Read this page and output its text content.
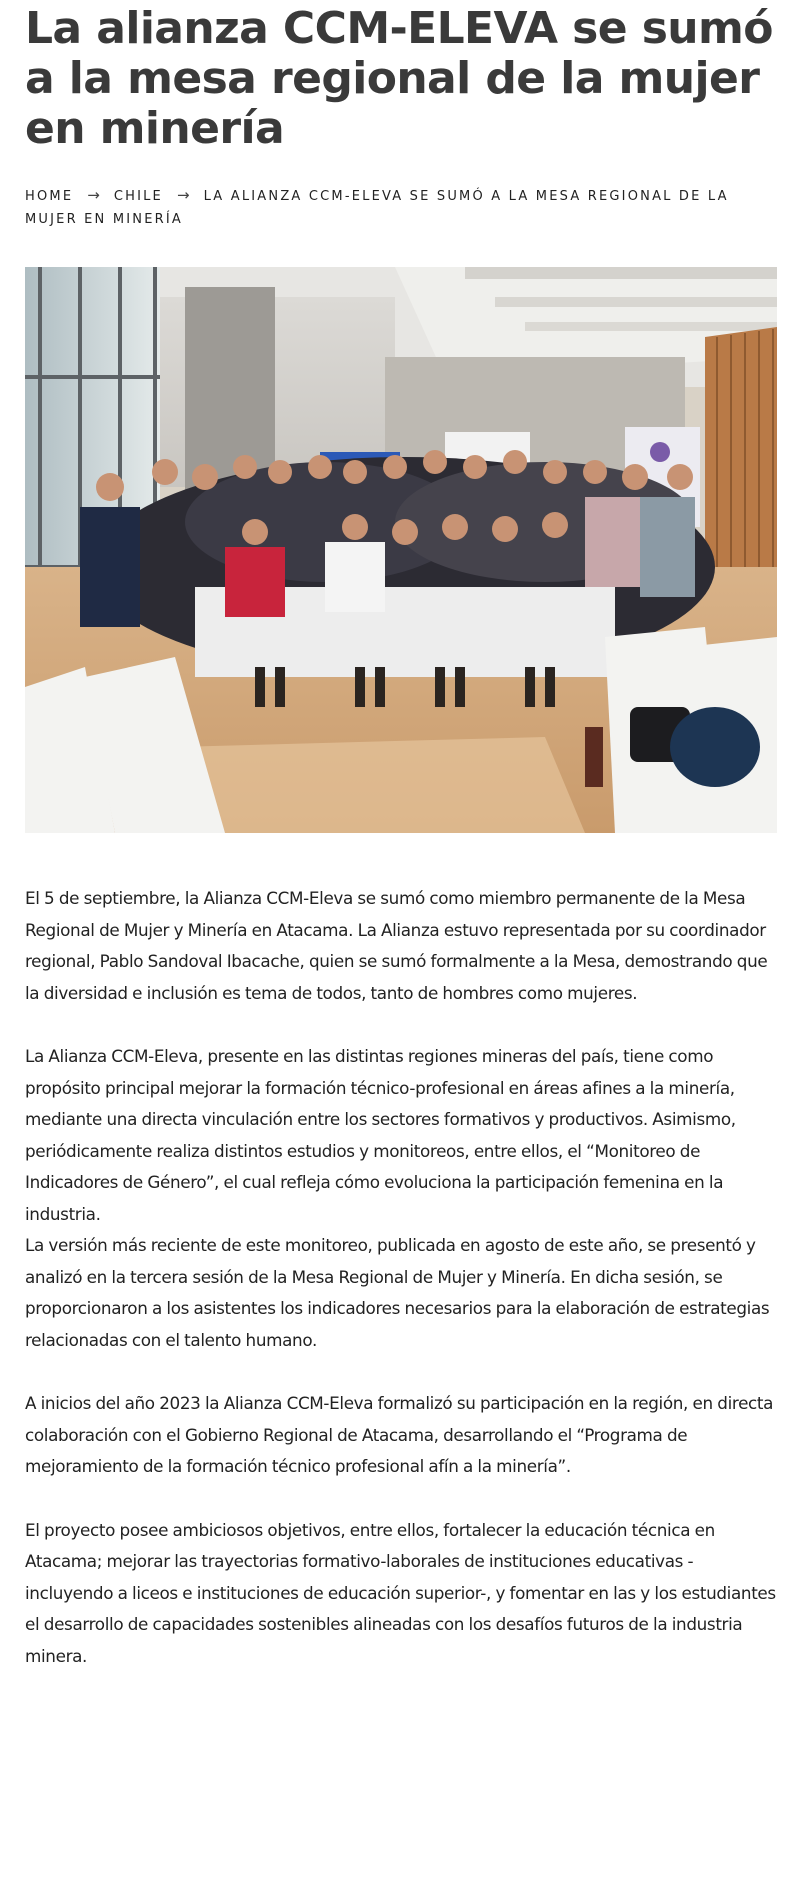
La alianza CCM-ELEVA se sumó a la mesa regional de la mujer en minería
HOME → CHILE → LA ALIANZA CCM-ELEVA SE SUMÓ A LA MESA REGIONAL DE LA MUJER EN MINERÍA

El 5 de septiembre, la Alianza CCM-Eleva se sumó como miembro permanente de la Mesa Regional de Mujer y Minería en Atacama. La Alianza estuvo representada por su coordinador regional, Pablo Sandoval Ibacache, quien se sumó formalmente a la Mesa, demostrando que la diversidad e inclusión es tema de todos, tanto de hombres como mujeres.

La Alianza CCM-Eleva, presente en las distintas regiones mineras del país, tiene como propósito principal mejorar la formación técnico-profesional en áreas afines a la minería, mediante una directa vinculación entre los sectores formativos y productivos. Asimismo, periódicamente realiza distintos estudios y monitoreos, entre ellos, el “Monitoreo de Indicadores de Género”, el cual refleja cómo evoluciona la participación femenina en la industria.

La versión más reciente de este monitoreo, publicada en agosto de este año, se presentó y analizó en la tercera sesión de la Mesa Regional de Mujer y Minería. En dicha sesión, se proporcionaron a los asistentes los indicadores necesarios para la elaboración de estrategias relacionadas con el talento humano.

A inicios del año 2023 la Alianza CCM-Eleva formalizó su participación en la región, en directa colaboración con el Gobierno Regional de Atacama, desarrollando el “Programa de mejoramiento de la formación técnico profesional afín a la minería”.

El proyecto posee ambiciosos objetivos, entre ellos, fortalecer la educación técnica en Atacama; mejorar las trayectorias formativo-laborales de instituciones educativas - incluyendo a liceos e instituciones de educación superior-, y fomentar en las y los estudiantes el desarrollo de capacidades sostenibles alineadas con los desafíos futuros de la industria minera.
